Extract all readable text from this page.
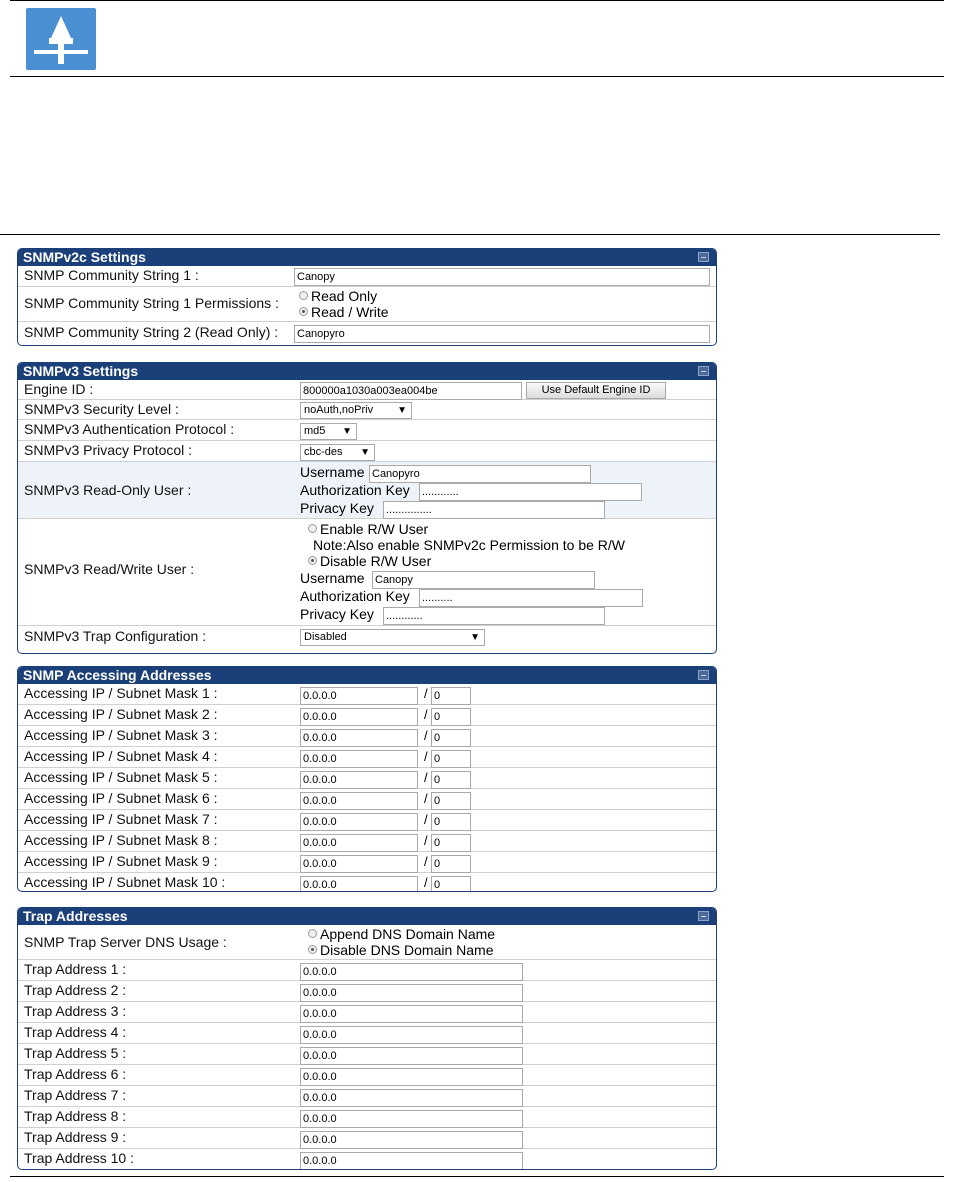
SNMPv2c Settings
SNMP Community String 1 :	Canopy
SNMP Community String 1 Permissions :	Read Only
Read / Write
SNMP Community String 2 (Read Only) : Canopyro
SNMPv3 Settings
Engine ID :	800000a1030a003ea004be	Use Default Engine ID
SNMPv3 Security Level :	noAuth,noPriv ▼
SNMPv3 Authentication Protocol :	md5 ▼
SNMPv3 Privacy Protocol :	cbc-des ▼
SNMPv3 Read-Only User :
Username Canopyro
Authorization Key ............
Privacy Key ...............
SNMPv3 Read/Write User :
Enable R/W User
Note:Also enable SNMPv2c Permission to be R/W
Disable R/W User
Username Canopy
Authorization Key ..........
Privacy Key ............
SNMPv3 Trap Configuration :	Disabled	▼
SNMP Accessing Addresses
Accessing IP / Subnet Mask 1 :	0.0.0.0	/ 0
Accessing IP / Subnet Mask 2 :	0.0.0.0	/ 0
Accessing IP / Subnet Mask 3 :	0.0.0.0	/ 0
Accessing IP / Subnet Mask 4 :	0.0.0.0	/ 0
Accessing IP / Subnet Mask 5 :	0.0.0.0	/ 0
Accessing IP / Subnet Mask 6 :	0.0.0.0	/ 0
Accessing IP / Subnet Mask 7 :	0.0.0.0	/ 0
Accessing IP / Subnet Mask 8 :	0.0.0.0	/ 0
Accessing IP / Subnet Mask 9 :	0.0.0.0	/ 0
Accessing IP / Subnet Mask 10 :	0.0.0.0	/ 0
Trap Addresses
SNMP Trap Server DNS Usage :	Append DNS Domain Name
Disable DNS Domain Name
Trap Address 1 :	0.0.0.0
Trap Address 2 :	0.0.0.0
Trap Address 3 :	0.0.0.0
Trap Address 4 :	0.0.0.0
Trap Address 5 :	0.0.0.0
Trap Address 6 :	0.0.0.0
Trap Address 7 :	0.0.0.0
Trap Address 8 :	0.0.0.0
Trap Address 9 :	0.0.0.0
Trap Address 10 :	0.0.0.0
